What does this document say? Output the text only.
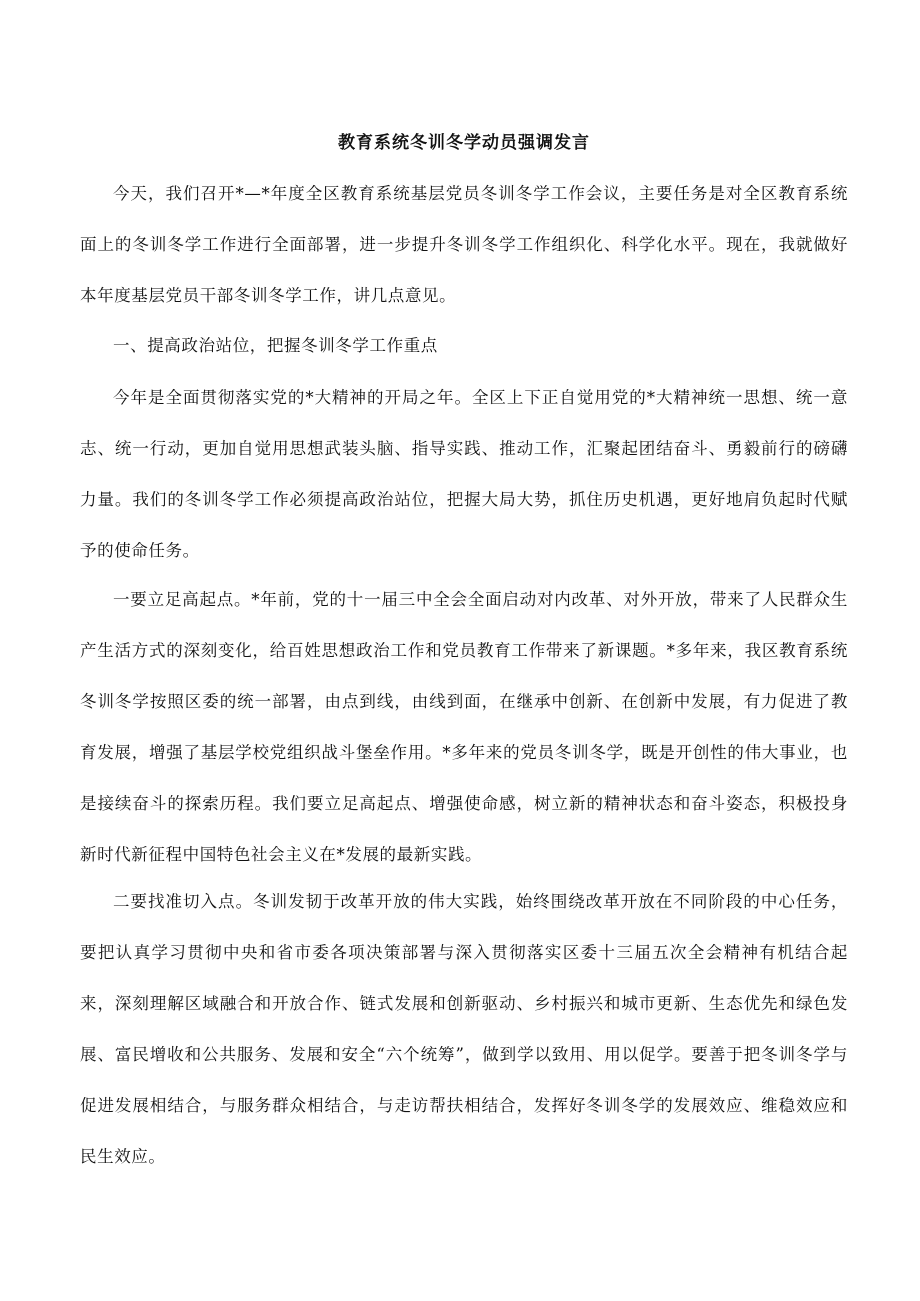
教育系统冬训冬学动员强调发言

今天，我们召开*—*年度全区教育系统基层党员冬训冬学工作会议，主要任务是对全区教育系统面上的冬训冬学工作进行全面部署，进一步提升冬训冬学工作组织化、科学化水平。现在，我就做好本年度基层党员干部冬训冬学工作，讲几点意见。

一、提高政治站位，把握冬训冬学工作重点

今年是全面贯彻落实党的*大精神的开局之年。全区上下正自觉用党的*大精神统一思想、统一意志、统一行动，更加自觉用思想武装头脑、指导实践、推动工作，汇聚起团结奋斗、勇毅前行的磅礴力量。我们的冬训冬学工作必须提高政治站位，把握大局大势，抓住历史机遇，更好地肩负起时代赋予的使命任务。

一要立足高起点。*年前，党的十一届三中全会全面启动对内改革、对外开放，带来了人民群众生产生活方式的深刻变化，给百姓思想政治工作和党员教育工作带来了新课题。*多年来，我区教育系统冬训冬学按照区委的统一部署，由点到线，由线到面，在继承中创新、在创新中发展，有力促进了教育发展，增强了基层学校党组织战斗堡垒作用。*多年来的党员冬训冬学，既是开创性的伟大事业，也是接续奋斗的探索历程。我们要立足高起点、增强使命感，树立新的精神状态和奋斗姿态，积极投身新时代新征程中国特色社会主义在*发展的最新实践。

二要找准切入点。冬训发韧于改革开放的伟大实践，始终围绕改革开放在不同阶段的中心任务，要把认真学习贯彻中央和省市委各项决策部署与深入贯彻落实区委十三届五次全会精神有机结合起来，深刻理解区域融合和开放合作、链式发展和创新驱动、乡村振兴和城市更新、生态优先和绿色发展、富民增收和公共服务、发展和安全“六个统筹”，做到学以致用、用以促学。要善于把冬训冬学与促进发展相结合，与服务群众相结合，与走访帮扶相结合，发挥好冬训冬学的发展效应、维稳效应和民生效应。
